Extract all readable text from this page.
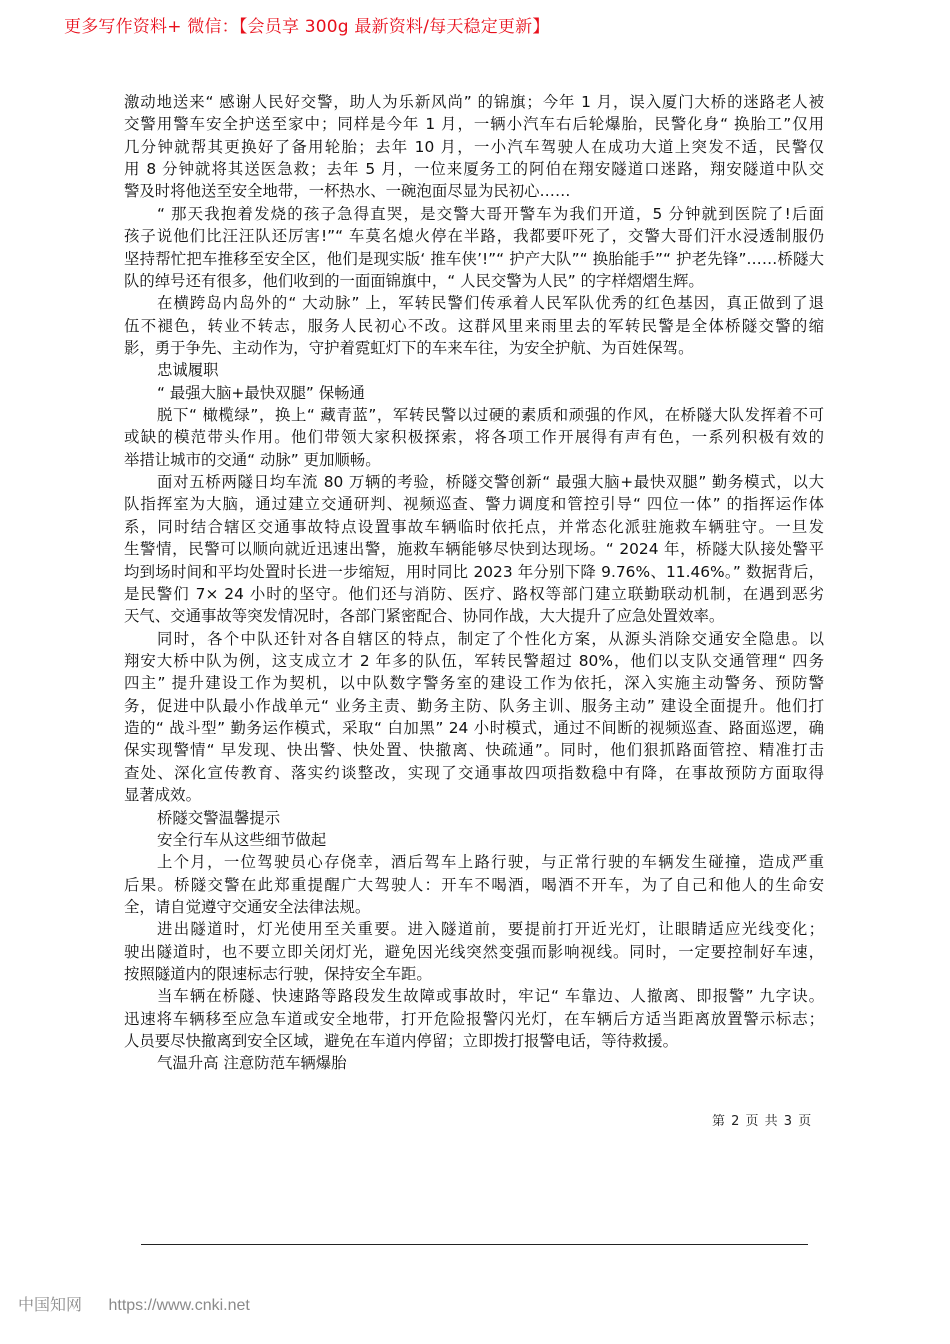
更多写作资料+ 微信：【会员享 300g 最新资料/每天稳定更新】
激动地送来“ 感谢人民好交警，助人为乐新风尚” 的锦旗；今年 1 月，误入厦门大桥的迷路老人被
交警用警车安全护送至家中；同样是今年 1 月，一辆小汽车右后轮爆胎，民警化身“ 换胎工”仅用
几分钟就帮其更换好了备用轮胎；去年 10 月，一小汽车驾驶人在成功大道上突发不适，民警仅
用 8 分钟就将其送医急救；去年 5 月，一位来厦务工的阿伯在翔安隧道口迷路，翔安隧道中队交
警及时将他送至安全地带，一杯热水、一碗泡面尽显为民初心……
“ 那天我抱着发烧的孩子急得直哭，是交警大哥开警车为我们开道，5 分钟就到医院了!后面
孩子说他们比汪汪队还厉害!”“ 车莫名熄火停在半路，我都要吓死了，交警大哥们汗水浸透制服仍
坚持帮忙把车推移至安全区，他们是现实版‘ 推车侠’!”“ 护产大队”“ 换胎能手”“ 护老先锋”……桥隧大
队的绰号还有很多，他们收到的一面面锦旗中，“ 人民交警为人民” 的字样熠熠生辉。
在横跨岛内岛外的“ 大动脉” 上，军转民警们传承着人民军队优秀的红色基因，真正做到了退
伍不褪色，转业不转志，服务人民初心不改。这群风里来雨里去的军转民警是全体桥隧交警的缩
影，勇于争先、主动作为，守护着霓虹灯下的车来车往，为安全护航、为百姓保驾。
忠诚履职
“ 最强大脑+最快双腿” 保畅通
脱下“ 橄榄绿”，换上“ 藏青蓝”，军转民警以过硬的素质和顽强的作风，在桥隧大队发挥着不可
或缺的模范带头作用。他们带领大家积极探索，将各项工作开展得有声有色，一系列积极有效的
举措让城市的交通“ 动脉” 更加顺畅。
面对五桥两隧日均车流 80 万辆的考验，桥隧交警创新“ 最强大脑+最快双腿” 勤务模式，以大
队指挥室为大脑，通过建立交通研判、视频巡查、警力调度和管控引导“ 四位一体” 的指挥运作体
系，同时结合辖区交通事故特点设置事故车辆临时依托点，并常态化派驻施救车辆驻守。一旦发
生警情，民警可以顺向就近迅速出警，施救车辆能够尽快到达现场。“ 2024 年，桥隧大队接处警平
均到场时间和平均处置时长进一步缩短，用时同比 2023 年分别下降 9.76%、11.46%。” 数据背后，
是民警们 7× 24 小时的坚守。他们还与消防、医疗、路权等部门建立联勤联动机制，在遇到恶劣
天气、交通事故等突发情况时，各部门紧密配合、协同作战，大大提升了应急处置效率。
同时，各个中队还针对各自辖区的特点，制定了个性化方案，从源头消除交通安全隐患。以
翔安大桥中队为例，这支成立才 2 年多的队伍，军转民警超过 80%，他们以支队交通管理“ 四务
四主” 提升建设工作为契机，以中队数字警务室的建设工作为依托，深入实施主动警务、预防警
务，促进中队最小作战单元“ 业务主责、勤务主防、队务主训、服务主动” 建设全面提升。他们打
造的“ 战斗型” 勤务运作模式，采取“ 白加黑” 24 小时模式，通过不间断的视频巡查、路面巡逻，确
保实现警情“ 早发现、快出警、快处置、快撤离、快疏通”。同时，他们狠抓路面管控、精准打击
查处、深化宣传教育、落实约谈整改，实现了交通事故四项指数稳中有降，在事故预防方面取得
显著成效。
桥隧交警温馨提示
安全行车从这些细节做起
上个月，一位驾驶员心存侥幸，酒后驾车上路行驶，与正常行驶的车辆发生碰撞，造成严重
后果。桥隧交警在此郑重提醒广大驾驶人：开车不喝酒，喝酒不开车，为了自己和他人的生命安
全，请自觉遵守交通安全法律法规。
进出隧道时，灯光使用至关重要。进入隧道前，要提前打开近光灯，让眼睛适应光线变化；
驶出隧道时，也不要立即关闭灯光，避免因光线突然变强而影响视线。同时，一定要控制好车速，
按照隧道内的限速标志行驶，保持安全车距。
当车辆在桥隧、快速路等路段发生故障或事故时，牢记“ 车靠边、人撤离、即报警” 九字诀。
迅速将车辆移至应急车道或安全地带，打开危险报警闪光灯，在车辆后方适当距离放置警示标志；
人员要尽快撤离到安全区域，避免在车道内停留；立即拨打报警电话，等待救援。
气温升高 注意防范车辆爆胎
第 2 页 共 3 页
中国知网 https://www.cnki.net
